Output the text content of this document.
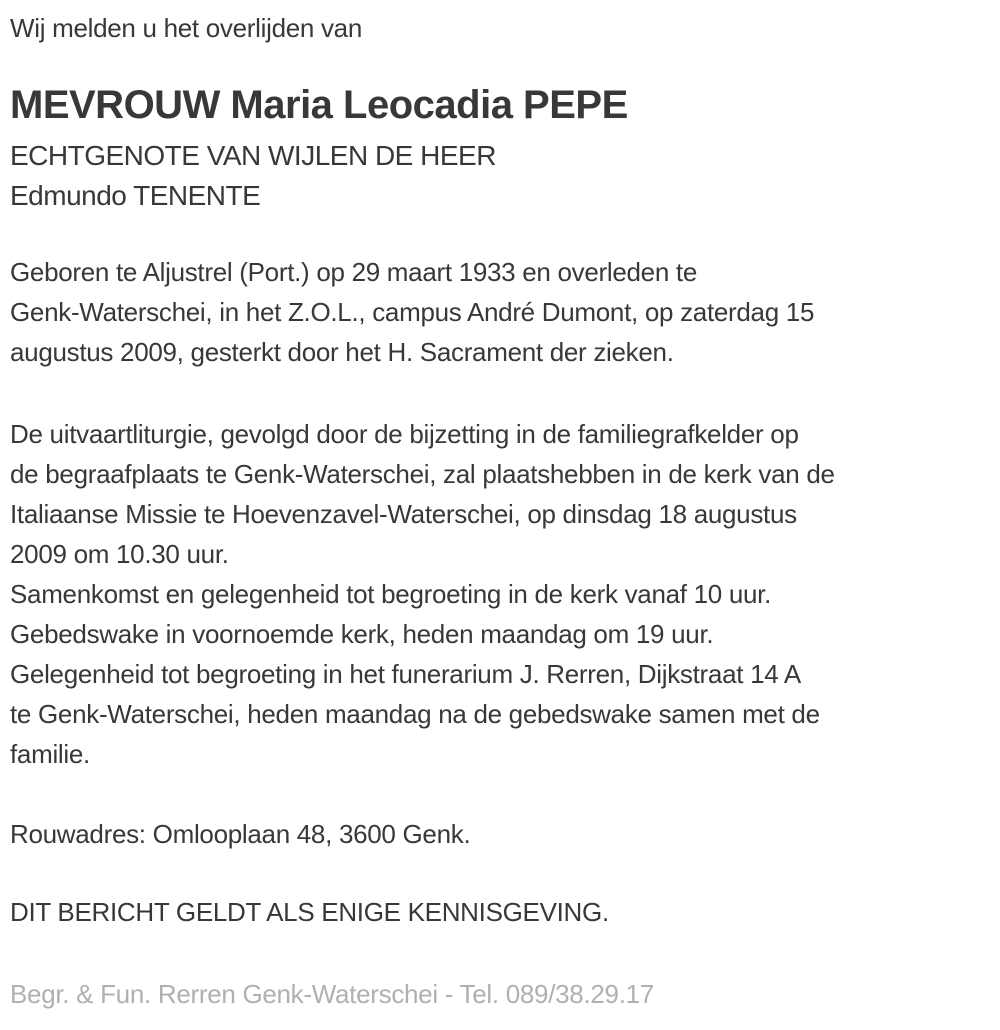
Wij melden u het overlijden van
MEVROUW Maria Leocadia PEPE
ECHTGENOTE VAN WIJLEN DE HEER
Edmundo TENENTE
Geboren te Aljustrel (Port.) op 29 maart 1933 en overleden te
Genk-Waterschei, in het Z.O.L., campus André Dumont, op zaterdag 15
augustus 2009, gesterkt door het H. Sacrament der zieken.
De uitvaartliturgie, gevolgd door de bijzetting in de familiegrafkelder op
de begraafplaats te Genk-Waterschei, zal plaatshebben in de kerk van de
Italiaanse Missie te Hoevenzavel-Waterschei, op dinsdag 18 augustus
2009 om 10.30 uur.
Samenkomst en gelegenheid tot begroeting in de kerk vanaf 10 uur.
Gebedswake in voornoemde kerk, heden maandag om 19 uur.
Gelegenheid tot begroeting in het funerarium J. Rerren, Dijkstraat 14 A
te Genk-Waterschei, heden maandag na de gebedswake samen met de
familie.
Rouwadres: Omlooplaan 48, 3600 Genk.
DIT BERICHT GELDT ALS ENIGE KENNISGEVING.
Begr. & Fun. Rerren Genk-Waterschei - Tel. 089/38.29.17
